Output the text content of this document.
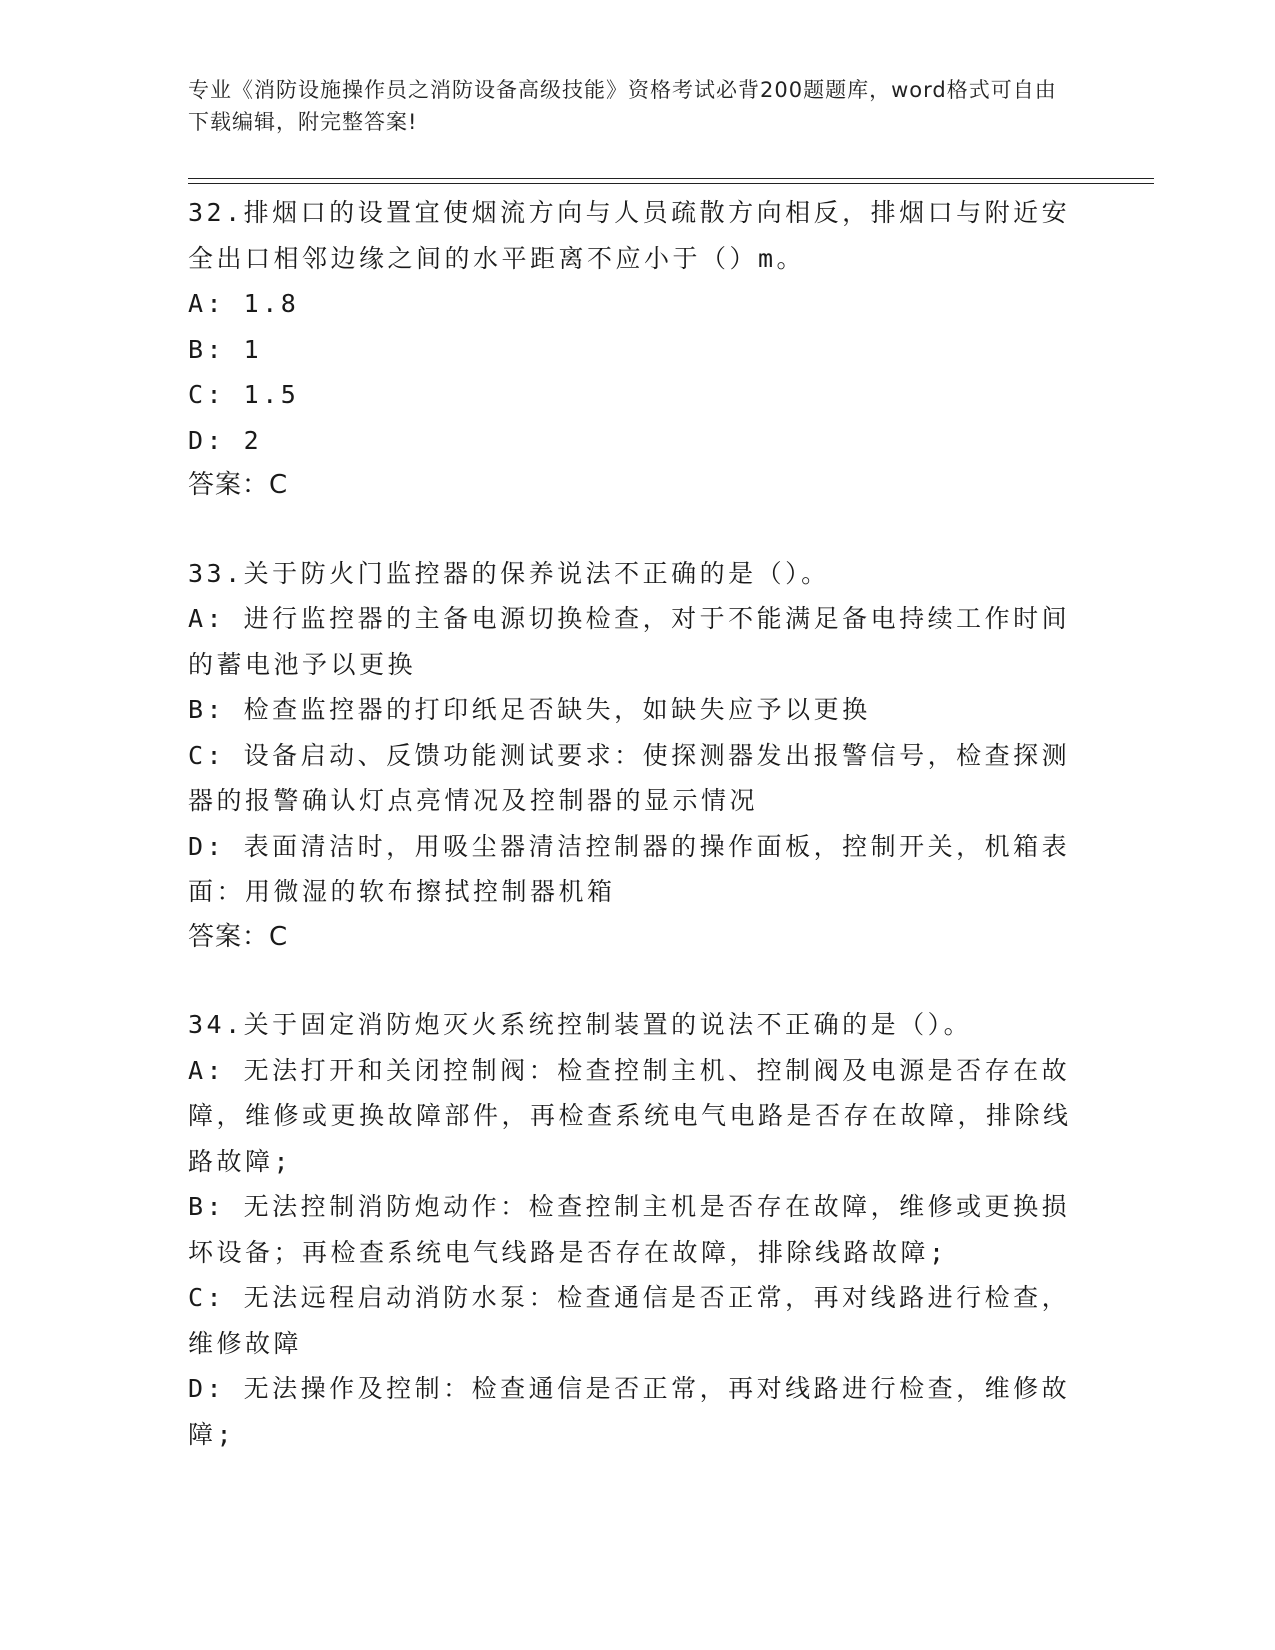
专业《消防设施操作员之消防设备高级技能》资格考试必背200题题库，word格式可自由下载编辑，附完整答案!

32.排烟口的设置宜使烟流方向与人员疏散方向相反，排烟口与附近安全出口相邻边缘之间的水平距离不应小于（）m。

A: 1.8

B: 1

C: 1.5

D: 2

答案：C

33.关于防火门监控器的保养说法不正确的是（）。

A: 进行监控器的主备电源切换检查，对于不能满足备电持续工作时间的蓄电池予以更换

B: 检查监控器的打印纸足否缺失，如缺失应予以更换

C: 设备启动、反馈功能测试要求：使探测器发出报警信号，检查探测器的报警确认灯点亮情况及控制器的显示情况

D: 表面清洁时，用吸尘器清洁控制器的操作面板，控制开关，机箱表面：用微湿的软布擦拭控制器机箱

答案：C

34.关于固定消防炮灭火系统控制装置的说法不正确的是（）。

A: 无法打开和关闭控制阀：检查控制主机、控制阀及电源是否存在故障，维修或更换故障部件，再检查系统电气电路是否存在故障，排除线路故障;

B: 无法控制消防炮动作：检查控制主机是否存在故障，维修或更换损坏设备；再检查系统电气线路是否存在故障，排除线路故障;

C: 无法远程启动消防水泵：检查通信是否正常，再对线路进行检查，维修故障

D: 无法操作及控制：检查通信是否正常，再对线路进行检查，维修故障;
